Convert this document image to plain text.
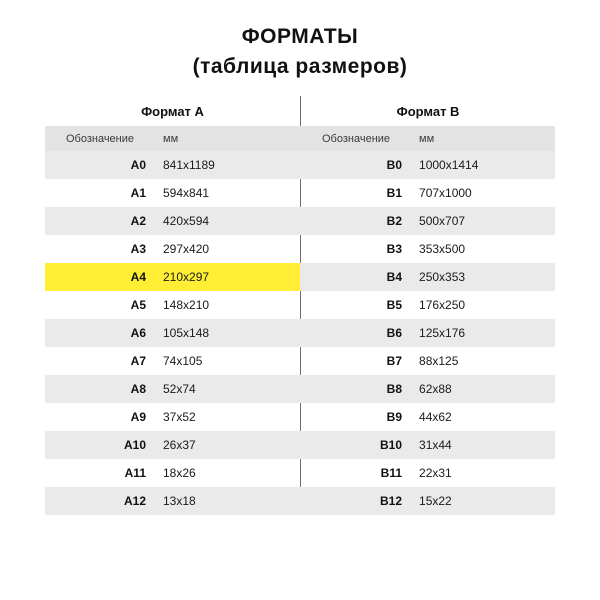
ФОРМАТЫ
(таблица размеров)
Формат А		Формат В	
Обозначение	мм		Обозначение	мм
A0	841x1189		B0	1000x1414
A1	594x841		B1	707x1000
A2	420x594		B2	500x707
A3	297x420		B3	353x500
A4	210x297		B4	250x353
A5	148x210		B5	176x250
A6	105x148		B6	125x176
A7	74x105		B7	88x125
A8	52x74		B8	62x88
A9	37x52		B9	44x62
A10	26x37		B10	31x44
A11	18x26		B11	22x31
A12	13x18		B12	15x22
